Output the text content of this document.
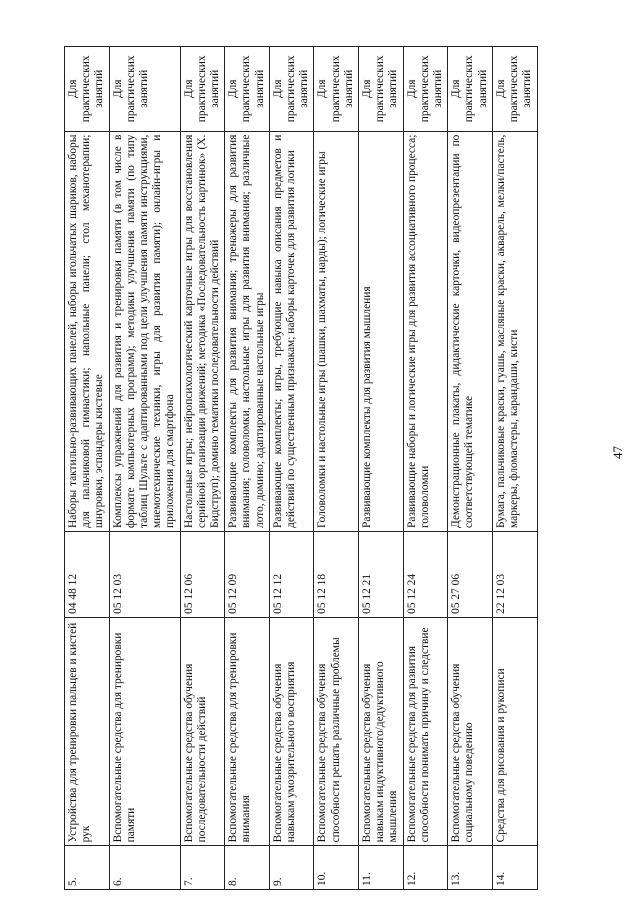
47
5.	Устройства для тренировки пальцев и кистей рук	04 48 12	Наборы тактильно-развивающих панелей, наборы игольчатых шариков, наборы для пальчиковой гимнастики; напольные панели; стол механотерапии; шнуровки, эспандеры кистевые	Для практических занятий
6.	Вспомогательные средства для тренировки памяти	05 12 03	Комплексы упражнений для развития и тренировки памяти (в том числе в формате компьютерных программ); методики улучшения памяти (по типу таблиц Шульте с адаптированными под цели улучшения памяти инструкциями, мнемотехнические техники, игры для развития памяти); онлайн-игры и приложения для смартфона	Для практических занятий
7.	Вспомогательные средства обучения последовательности действий	05 12 06	Настольные игры; нейропсихологический карточные игры для восстановления серийной организации движений; методика «Последовательность картинок» (Х. Бидструп); домино тематики последовательности действий	Для практических занятий
8.	Вспомогательные средства для тренировки внимания	05 12 09	Развивающие комплекты для развития внимания; тренажеры для развития внимания; головоломки, настольные игры для развития внимания; различные лото, домино; адаптированные настольные игры	Для практических занятий
9.	Вспомогательные средства обучения навыкам умозрительного восприятия	05 12 12	Развивающие комплекты; игры, требующие навыка описания предметов и действий по существенным признакам; наборы карточек для развития логики	Для практических занятий
10.	Вспомогательные средства обучения способности решать различные проблемы	05 12 18	Головоломки и настольные игры (шашки, шахматы, нарды); логические игры	Для практических занятий
11.	Вспомогательные средства обучения навыкам индуктивного/дедуктивного мышления	05 12 21	Развивающие комплекты для развития мышления	Для практических занятий
12.	Вспомогательные средства для развития способности понимать причину и следствие	05 12 24	Развивающие наборы и логические игры для развития ассоциативного процесса; головоломки	Для практических занятий
13.	Вспомогательные средства обучения социальному поведению	05 27 06	Демонстрационные плакаты, дидактические карточки, видеопрезентации по соответствующей тематике	Для практических занятий
14.	Средства для рисования и рукописи	22 12 03	Бумага, пальчиковые краски, гуашь, масляные краски, акварель, мелки/пастель, маркеры, фломастеры, карандаши, кисти	Для практических занятий
